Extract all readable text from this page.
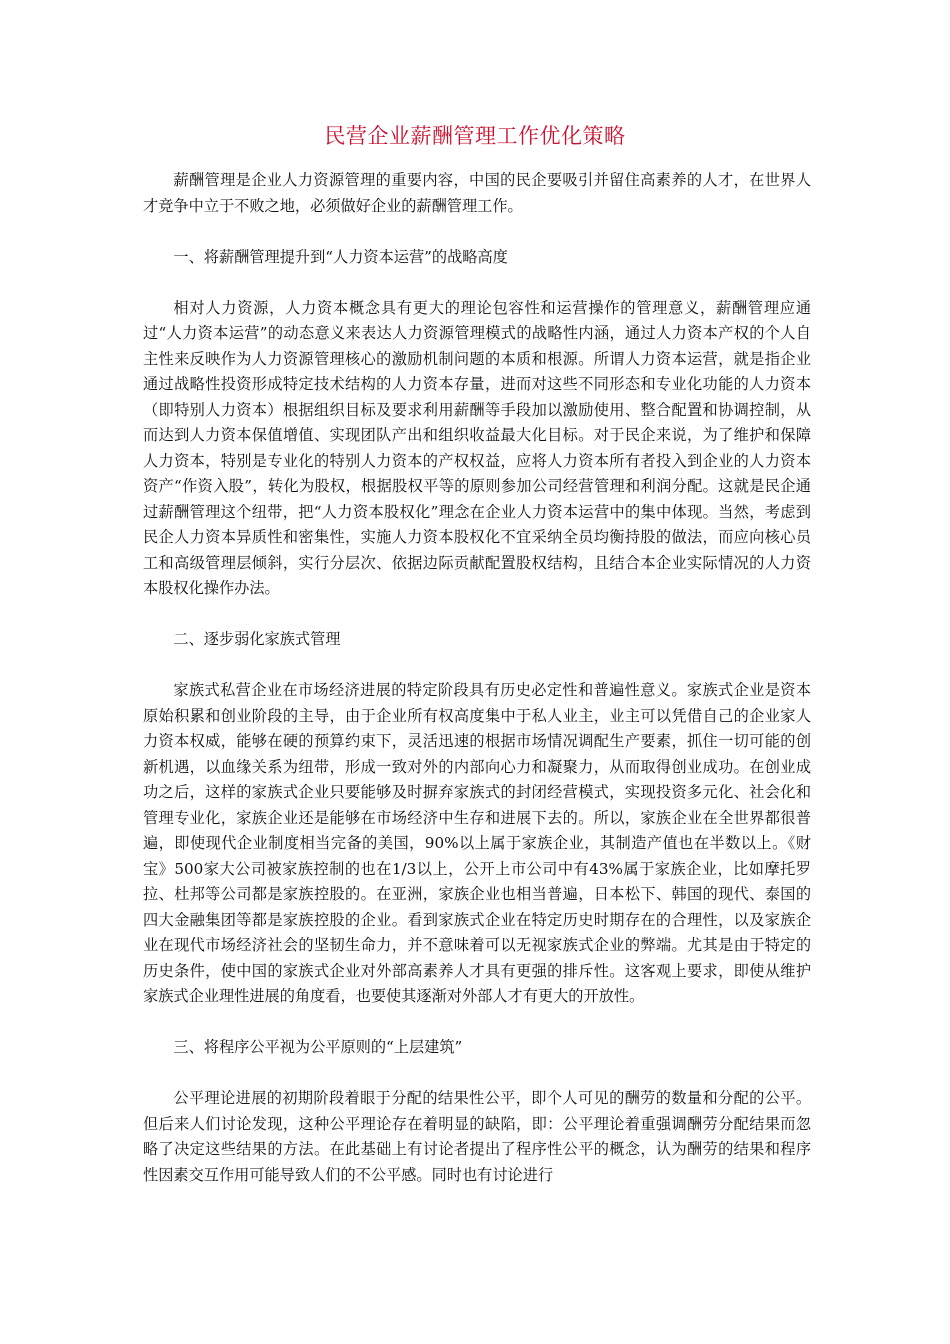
民营企业薪酬管理工作优化策略

薪酬管理是企业人力资源管理的重要内容，中国的民企要吸引并留住高素养的人才，在世界人才竞争中立于不败之地，必须做好企业的薪酬管理工作。

一、将薪酬管理提升到“人力资本运营”的战略高度

相对人力资源，人力资本概念具有更大的理论包容性和运营操作的管理意义，薪酬管理应通过“人力资本运营”的动态意义来表达人力资源管理模式的战略性内涵，通过人力资本产权的个人自主性来反映作为人力资源管理核心的激励机制问题的本质和根源。所谓人力资本运营，就是指企业通过战略性投资形成特定技术结构的人力资本存量，进而对这些不同形态和专业化功能的人力资本（即特别人力资本）根据组织目标及要求利用薪酬等手段加以激励使用、整合配置和协调控制，从而达到人力资本保值增值、实现团队产出和组织收益最大化目标。对于民企来说，为了维护和保障人力资本，特别是专业化的特别人力资本的产权权益，应将人力资本所有者投入到企业的人力资本资产“作资入股”，转化为股权，根据股权平等的原则参加公司经营管理和利润分配。这就是民企通过薪酬管理这个纽带，把“人力资本股权化”理念在企业人力资本运营中的集中体现。当然，考虑到民企人力资本异质性和密集性，实施人力资本股权化不宜采纳全员均衡持股的做法，而应向核心员工和高级管理层倾斜，实行分层次、依据边际贡献配置股权结构，且结合本企业实际情况的人力资本股权化操作办法。

二、逐步弱化家族式管理

家族式私营企业在市场经济进展的特定阶段具有历史必定性和普遍性意义。家族式企业是资本原始积累和创业阶段的主导，由于企业所有权高度集中于私人业主，业主可以凭借自己的企业家人力资本权威，能够在硬的预算约束下，灵活迅速的根据市场情况调配生产要素，抓住一切可能的创新机遇，以血缘关系为纽带，形成一致对外的内部向心力和凝聚力，从而取得创业成功。在创业成功之后，这样的家族式企业只要能够及时摒弃家族式的封闭经营模式，实现投资多元化、社会化和管理专业化，家族企业还是能够在市场经济中生存和进展下去的。所以，家族企业在全世界都很普遍，即使现代企业制度相当完备的美国，90%以上属于家族企业，其制造产值也在半数以上。《财宝》500家大公司被家族控制的也在1/3以上，公开上市公司中有43%属于家族企业，比如摩托罗拉、杜邦等公司都是家族控股的。在亚洲，家族企业也相当普遍，日本松下、韩国的现代、泰国的四大金融集团等都是家族控股的企业。看到家族式企业在特定历史时期存在的合理性，以及家族企业在现代市场经济社会的坚韧生命力，并不意味着可以无视家族式企业的弊端。尤其是由于特定的历史条件，使中国的家族式企业对外部高素养人才具有更强的排斥性。这客观上要求，即使从维护家族式企业理性进展的角度看，也要使其逐渐对外部人才有更大的开放性。

三、将程序公平视为公平原则的“上层建筑”

公平理论进展的初期阶段着眼于分配的结果性公平，即个人可见的酬劳的数量和分配的公平。但后来人们讨论发现，这种公平理论存在着明显的缺陷，即：公平理论着重强调酬劳分配结果而忽略了决定这些结果的方法。在此基础上有讨论者提出了程序性公平的概念，认为酬劳的结果和程序性因素交互作用可能导致人们的不公平感。同时也有讨论进行
